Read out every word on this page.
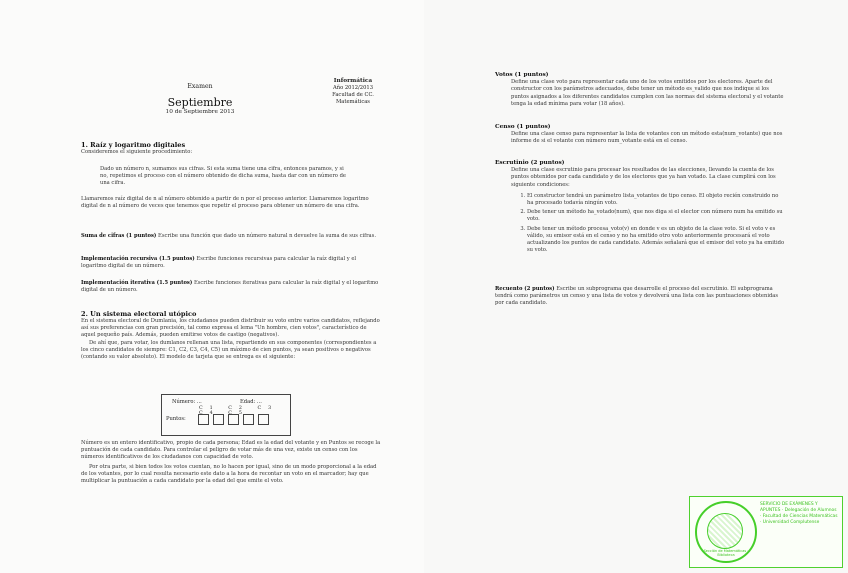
Examen
Septiembre
10 de Septiembre 2013
Informática
Año 2012/2013
Facultad de CC.
Matemáticas
1. Raíz y logaritmo digitales

Consideremos el siguiente procedimiento:

Dado un número n, sumamos sus cifras. Si esta suma tiene una cifra, entonces paramos, y si no, repetimos el proceso con el número obtenido de dicha suma, hasta dar con un número de una cifra.

Llamaremos raíz digital de n al número obtenido a partir de n por el proceso anterior. Llamaremos logaritmo digital de n al número de veces que tenemos que repetir el proceso para obtener un número de una cifra.

Suma de cifras (1 puntos) Escribe una función que dado un número natural n devuelve la suma de sus cifras.

Implementación recursiva (1.5 puntos) Escribe funciones recursivas para calcular la raíz digital y el logaritmo digital de un número.

Implementación iterativa (1.5 puntos) Escribe funciones iterativas para calcular la raíz digital y el logaritmo digital de un número.

2. Un sistema electoral utópico

En el sistema electoral de Dumlania, los ciudadanos pueden distribuir su voto entre varios candidatos, reflejando así sus preferencias con gran precisión, tal como expresa el lema "Un hombre, cien votos", característico de aquel pequeño país. Además, pueden emitirse votos de castigo (negativos).

De ahí que, para votar, los dumlanos rellenan una lista, repartiendo en sus componentes (correspondientes a los cinco candidatos de siempre: C1, C2, C3, C4, C5) un máximo de cien puntos, ya sean positivos o negativos (contando su valor absoluto). El modelo de tarjeta que se entrega es el siguiente:

Número: ...	Edad: ...
Puntos:
C1 C2 C3 C4 C5

Número es un entero identificativo, propio de cada persona; Edad es la edad del votante y en Puntos se recoge la puntuación de cada candidato. Para controlar el peligro de votar más de una vez, existe un censo con los números identificativos de los ciudadanos con capacidad de voto.

Por otra parte, si bien todos los votos cuentan, no lo hacen por igual, sino de un modo proporcional a la edad de los votantes, por lo cual resulta necesario este dato a la hora de recontar un voto en el marcador; hay que multiplicar la puntuación a cada candidato por la edad del que emite el voto.

Votos (1 puntos)

Define una clase voto para representar cada uno de los votos emitidos por los electores. Aparte del constructor con los parámetros adecuados, debe tener un método es_valido que nos indique si los puntos asignados a los diferentes candidatos cumplen con las normas del sistema electoral y el votante tenga la edad mínima para votar (18 años).

Censo (1 puntos)

Define una clase censo para representar la lista de votantes con un método esta(num_votante) que nos informe de si el votante con número num_votante está en el censo.

Escrutinio (2 puntos)

Define una clase escrutinio para procesar los resultados de las elecciones, llevando la cuenta de los puntos obtenidos por cada candidato y de los electores que ya han votado. La clase cumplirá con los siguiente condiciones:

1. El constructor tendrá un parámetro lista_votantes de tipo censo. El objeto recién construido no ha procesado todavía ningún voto.
2. Debe tener un método ha_votado(num), que nos diga si el elector con número num ha emitido su voto.
3. Debe tener un método procesa_voto(v) en donde v es un objeto de la clase voto. Si el voto v es válido, su emisor está en el censo y no ha emitido otro voto anteriormente procesará el voto actualizando los puntos de cada candidato. Además señalará que el emisor del voto ya ha emitido su voto.

Recuento (2 puntos) Escribe un subprograma que desarrolle el proceso del escrutinio. El subprograma tendrá como parámetros un censo y una lista de votos y devolverá una lista con las puntuaciones obtenidas por cada candidato.

Sección de Matemáticas · Biblioteca
SERVICIO DE EXÁMENES Y APUNTES · Delegación de Alumnos · Facultad de Ciencias Matemáticas · Universidad Complutense
